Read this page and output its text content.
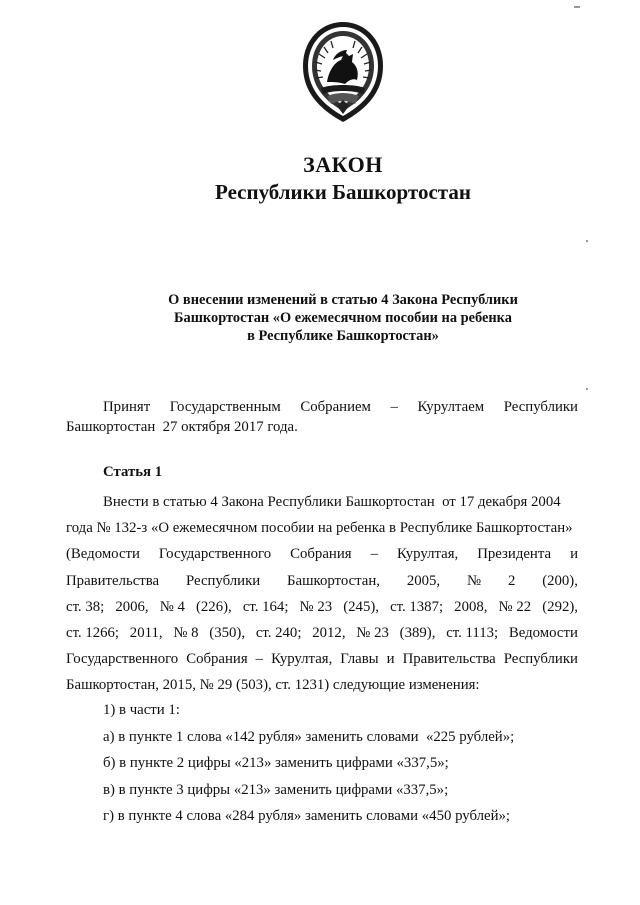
ЗАКОН
Республики Башкортостан
О внесении изменений в статью 4 Закона Республики
Башкортостан «О ежемесячном пособии на ребенка
в Республике Башкортостан»
Принят Государственным Собранием – Курултаем Республики
Башкортостан  27 октября 2017 года.
Статья 1
Внести в статью 4 Закона Республики Башкортостан  от 17 декабря 2004
года № 132-з «О ежемесячном пособии на ребенка в Республике Башкортостан»
(Ведомости Государственного Собрания – Курултая, Президента и
Правительства Республики Башкортостан, 2005, № 2 (200),
ст. 38; 2006, № 4 (226), ст. 164; № 23 (245), ст. 1387; 2008, № 22 (292),
ст. 1266; 2011, № 8 (350), ст. 240; 2012, № 23 (389), ст. 1113; Ведомости
Государственного Собрания – Курултая, Главы и Правительства Республики
Башкортостан, 2015, № 29 (503), ст. 1231) следующие изменения:
1) в части 1:
а) в пункте 1 слова «142 рубля» заменить словами  «225 рублей»;
б) в пункте 2 цифры «213» заменить цифрами «337,5»;
в) в пункте 3 цифры «213» заменить цифрами «337,5»;
г) в пункте 4 слова «284 рубля» заменить словами «450 рублей»;
